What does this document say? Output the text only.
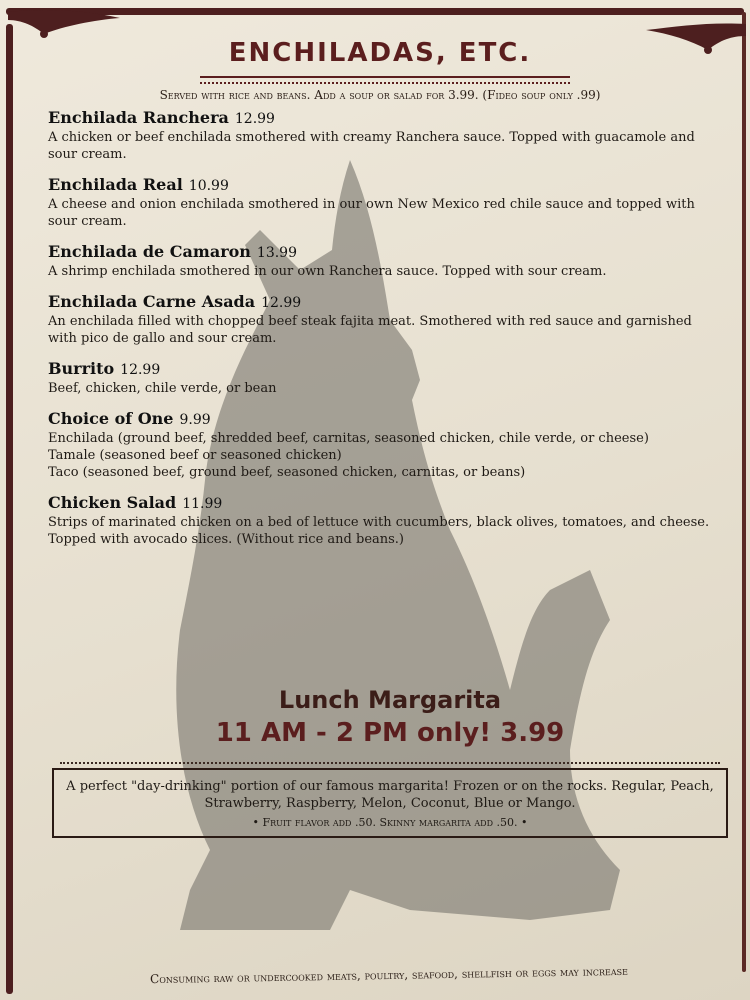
ENCHILADAS, ETC.
Served with rice and beans. Add a soup or salad for 3.99. (Fideo soup only .99)
Enchilada Ranchera 12.99
A chicken or beef enchilada smothered with creamy Ranchera sauce. Topped with guacamole and sour cream.
Enchilada Real 10.99
A cheese and onion enchilada smothered in our own New Mexico red chile sauce and topped with sour cream.
Enchilada de Camaron 13.99
A shrimp enchilada smothered in our own Ranchera sauce. Topped with sour cream.
Enchilada Carne Asada 12.99
An enchilada filled with chopped beef steak fajita meat. Smothered with red sauce and garnished with pico de gallo and sour cream.
Burrito 12.99
Beef, chicken, chile verde, or bean
Choice of One 9.99
Enchilada (ground beef, shredded beef, carnitas, seasoned chicken, chile verde, or cheese)
Tamale (seasoned beef or seasoned chicken)
Taco (seasoned beef, ground beef, seasoned chicken, carnitas, or beans)
Chicken Salad 11.99
Strips of marinated chicken on a bed of lettuce with cucumbers, black olives, tomatoes, and cheese. Topped with avocado slices. (Without rice and beans.)
Lunch Margarita
11 AM - 2 PM only! 3.99
A perfect "day-drinking" portion of our famous margarita! Frozen or on the rocks. Regular, Peach, Strawberry, Raspberry, Melon, Coconut, Blue or Mango.
• Fruit flavor add .50. Skinny margarita add .50. •
Consuming raw or undercooked meats, poultry, seafood, shellfish or eggs may increase
